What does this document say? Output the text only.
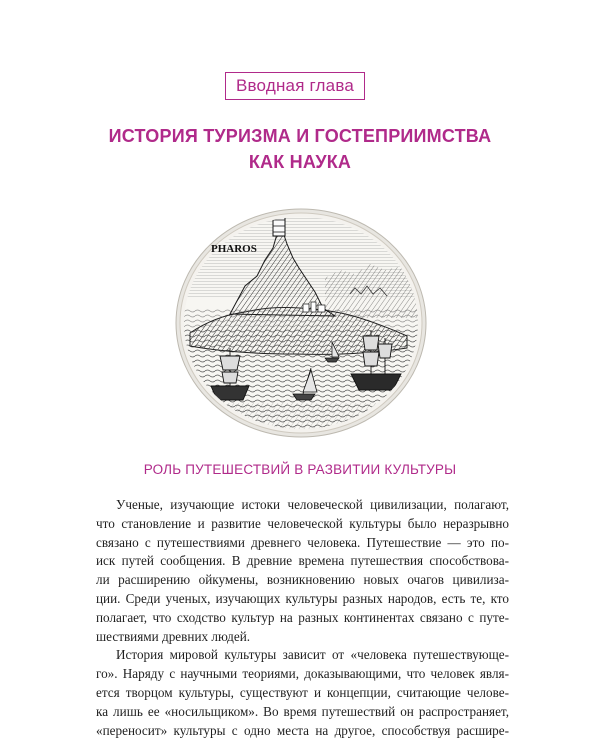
Вводная глава
ИСТОРИЯ ТУРИЗМА И ГОСТЕПРИИМСТВА
КАК НАУКА
PHAROS
РОЛЬ ПУТЕШЕСТВИЙ В РАЗВИТИИ КУЛЬТУРЫ
Ученые, изучающие истоки человеческой цивилизации, полагают,
что становление и развитие человеческой культуры было неразрывно
связано с путешествиями древнего человека. Путешествие — это по-
иск путей сообщения. В древние времена путешествия способствова-
ли расширению ойкумены, возникновению новых очагов цивилиза-
ции. Среди ученых, изучающих культуры разных народов, есть те, кто
полагает, что сходство культур на разных континентах связано с путе-
шествиями древних людей.
История мировой культуры зависит от «человека путешествующе-
го». Наряду с научными теориями, доказывающими, что человек явля-
ется творцом культуры, существуют и концепции, считающие челове-
ка лишь ее «носильщиком». Во время путешествий он распространяет,
«переносит» культуры с одно места на другое, способствуя расшире-
